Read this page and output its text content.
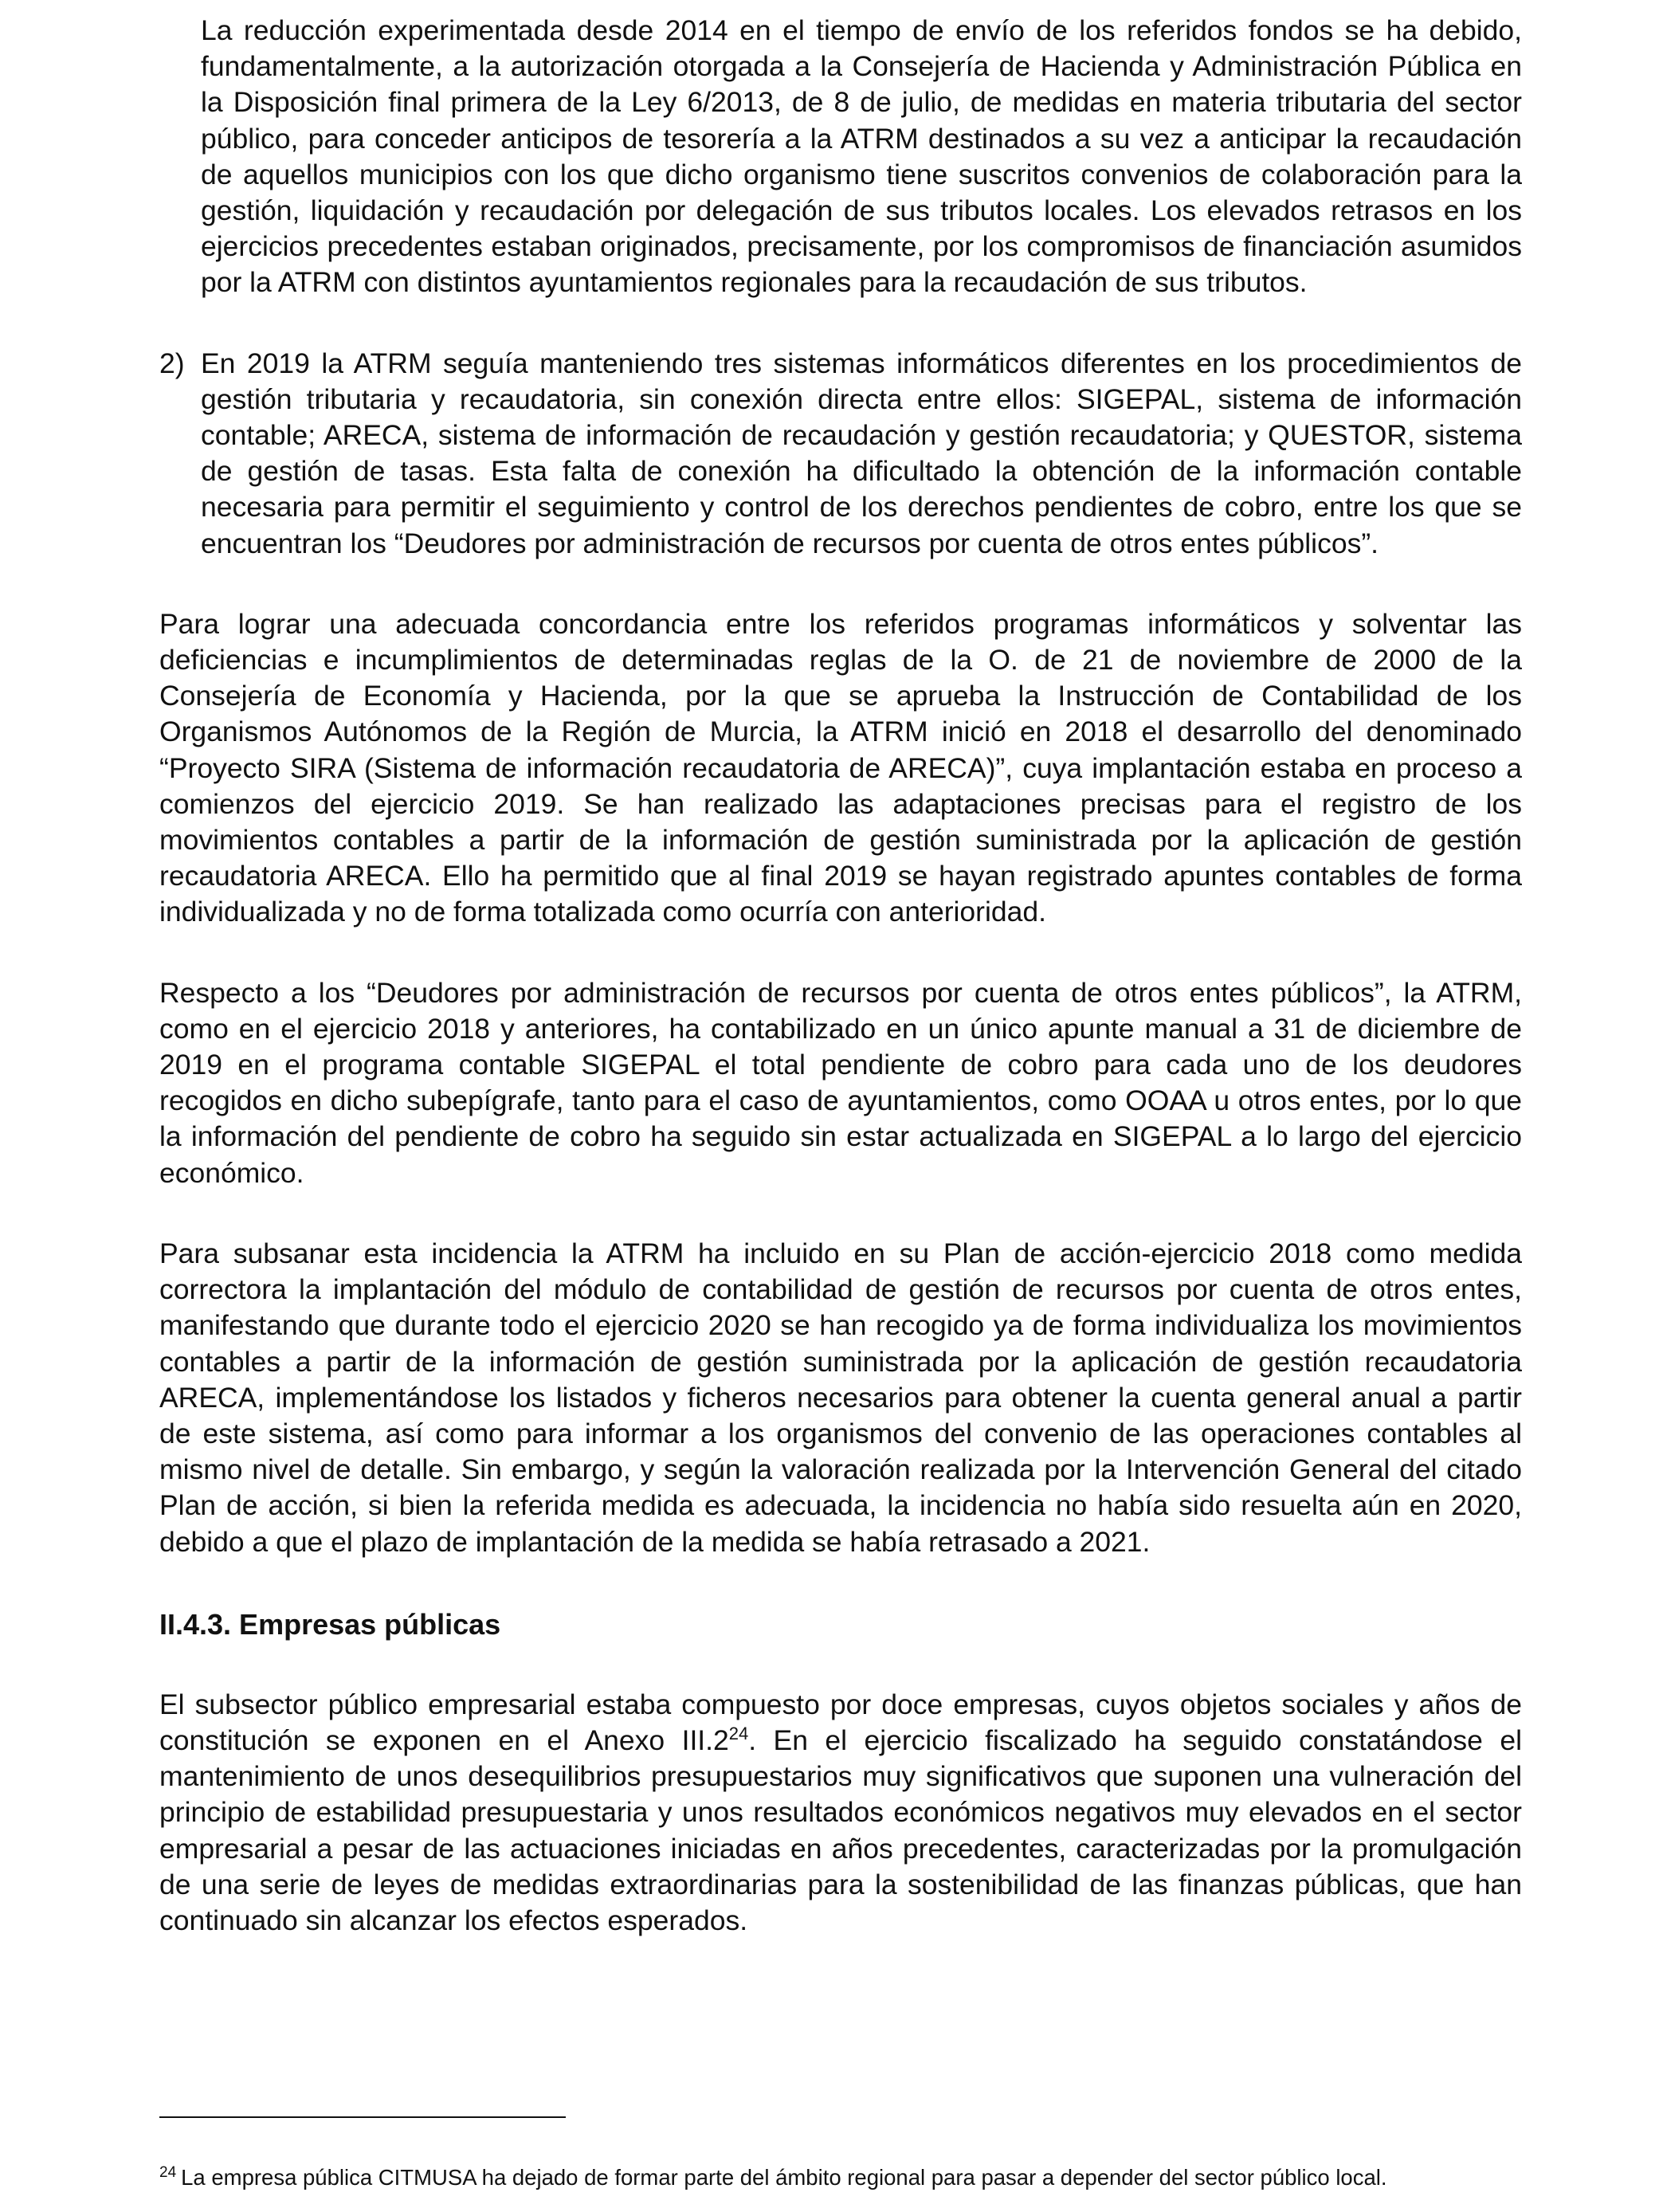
La reducción experimentada desde 2014 en el tiempo de envío de los referidos fondos se ha debido, fundamentalmente, a la autorización otorgada a la Consejería de Hacienda y Administración Pública en la Disposición final primera de la Ley 6/2013, de 8 de julio, de medidas en materia tributaria del sector público, para conceder anticipos de tesorería a la ATRM destinados a su vez a anticipar la recaudación de aquellos municipios con los que dicho organismo tiene suscritos convenios de colaboración para la gestión, liquidación y recaudación por delegación de sus tributos locales. Los elevados retrasos en los ejercicios precedentes estaban originados, precisamente, por los compromisos de financiación asumidos por la ATRM con distintos ayuntamientos regionales para la recaudación de sus tributos.

2) En 2019 la ATRM seguía manteniendo tres sistemas informáticos diferentes en los procedimientos de gestión tributaria y recaudatoria, sin conexión directa entre ellos: SIGEPAL, sistema de información contable; ARECA, sistema de información de recaudación y gestión recaudatoria; y QUESTOR, sistema de gestión de tasas. Esta falta de conexión ha dificultado la obtención de la información contable necesaria para permitir el seguimiento y control de los derechos pendientes de cobro, entre los que se encuentran los “Deudores por administración de recursos por cuenta de otros entes públicos”.

Para lograr una adecuada concordancia entre los referidos programas informáticos y solventar las deficiencias e incumplimientos de determinadas reglas de la O. de 21 de noviembre de 2000 de la Consejería de Economía y Hacienda, por la que se aprueba la Instrucción de Contabilidad de los Organismos Autónomos de la Región de Murcia, la ATRM inició en 2018 el desarrollo del denominado “Proyecto SIRA (Sistema de información recaudatoria de ARECA)”, cuya implantación estaba en proceso a comienzos del ejercicio 2019. Se han realizado las adaptaciones precisas para el registro de los movimientos contables a partir de la información de gestión suministrada por la aplicación de gestión recaudatoria ARECA. Ello ha permitido que al final 2019 se hayan registrado apuntes contables de forma individualizada y no de forma totalizada como ocurría con anterioridad.

Respecto a los “Deudores por administración de recursos por cuenta de otros entes públicos”, la ATRM, como en el ejercicio 2018 y anteriores, ha contabilizado en un único apunte manual a 31 de diciembre de 2019 en el programa contable SIGEPAL el total pendiente de cobro para cada uno de los deudores recogidos en dicho subepígrafe, tanto para el caso de ayuntamientos, como OOAA u otros entes, por lo que la información del pendiente de cobro ha seguido sin estar actualizada en SIGEPAL a lo largo del ejercicio económico.

Para subsanar esta incidencia la ATRM ha incluido en su Plan de acción-ejercicio 2018 como medida correctora la implantación del módulo de contabilidad de gestión de recursos por cuenta de otros entes, manifestando que durante todo el ejercicio 2020 se han recogido ya de forma individualiza los movimientos contables a partir de la información de gestión suministrada por la aplicación de gestión recaudatoria ARECA, implementándose los listados y ficheros necesarios para obtener la cuenta general anual a partir de este sistema, así como para informar a los organismos del convenio de las operaciones contables al mismo nivel de detalle. Sin embargo, y según la valoración realizada por la Intervención General del citado Plan de acción, si bien la referida medida es adecuada, la incidencia no había sido resuelta aún en 2020, debido a que el plazo de implantación de la medida se había retrasado a 2021.

II.4.3. Empresas públicas

El subsector público empresarial estaba compuesto por doce empresas, cuyos objetos sociales y años de constitución se exponen en el Anexo III.2$^{24}$. En el ejercicio fiscalizado ha seguido constatándose el mantenimiento de unos desequilibrios presupuestarios muy significativos que suponen una vulneración del principio de estabilidad presupuestaria y unos resultados económicos negativos muy elevados en el sector empresarial a pesar de las actuaciones iniciadas en años precedentes, caracterizadas por la promulgación de una serie de leyes de medidas extraordinarias para la sostenibilidad de las finanzas públicas, que han continuado sin alcanzar los efectos esperados.

$^{24}$ La empresa pública CITMUSA ha dejado de formar parte del ámbito regional para pasar a depender del sector público local.
